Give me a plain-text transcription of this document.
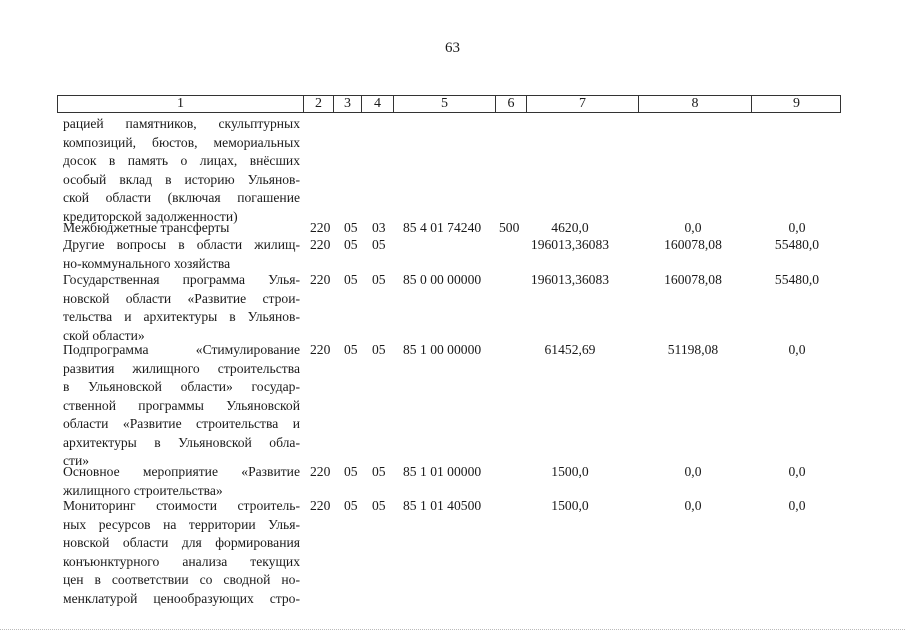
63
1	2	3	4	5	6	7	8	9
рацией памятников, скульптурных
композиций, бюстов, мемориальных
досок в память о лицах, внёсших
особый вклад в историю Ульянов-
ской области (включая погашение
кредиторской задолженности)
Межбюджетные трансферты	220 05 03 85 4 01 74240 500	4620,0	0,0	0,0
Другие вопросы в области жилищ-
но-коммунального хозяйства
220 05 05	196013,36083	160078,08	55480,0
Государственная программа Улья-
новской области «Развитие строи-
тельства и архитектуры в Ульянов-
ской области»
220 05 05 85 0 00 00000	196013,36083	160078,08	55480,0
Подпрограмма «Стимулирование
развития жилищного строительства
в Ульяновской области» государ-
ственной программы Ульяновской
области «Развитие строительства и
архитектуры в Ульяновской обла-
сти»
220 05 05 85 1 00 00000	61452,69	51198,08	0,0
Основное мероприятие «Развитие
жилищного строительства»
220 05 05 85 1 01 00000	1500,0	0,0	0,0
Мониторинг стоимости строитель-
ных ресурсов на территории Улья-
новской области для формирования
конъюнктурного анализа текущих
цен в соответствии со сводной но-
менклатурой ценообразующих стро-
220 05 05 85 1 01 40500	1500,0	0,0	0,0
